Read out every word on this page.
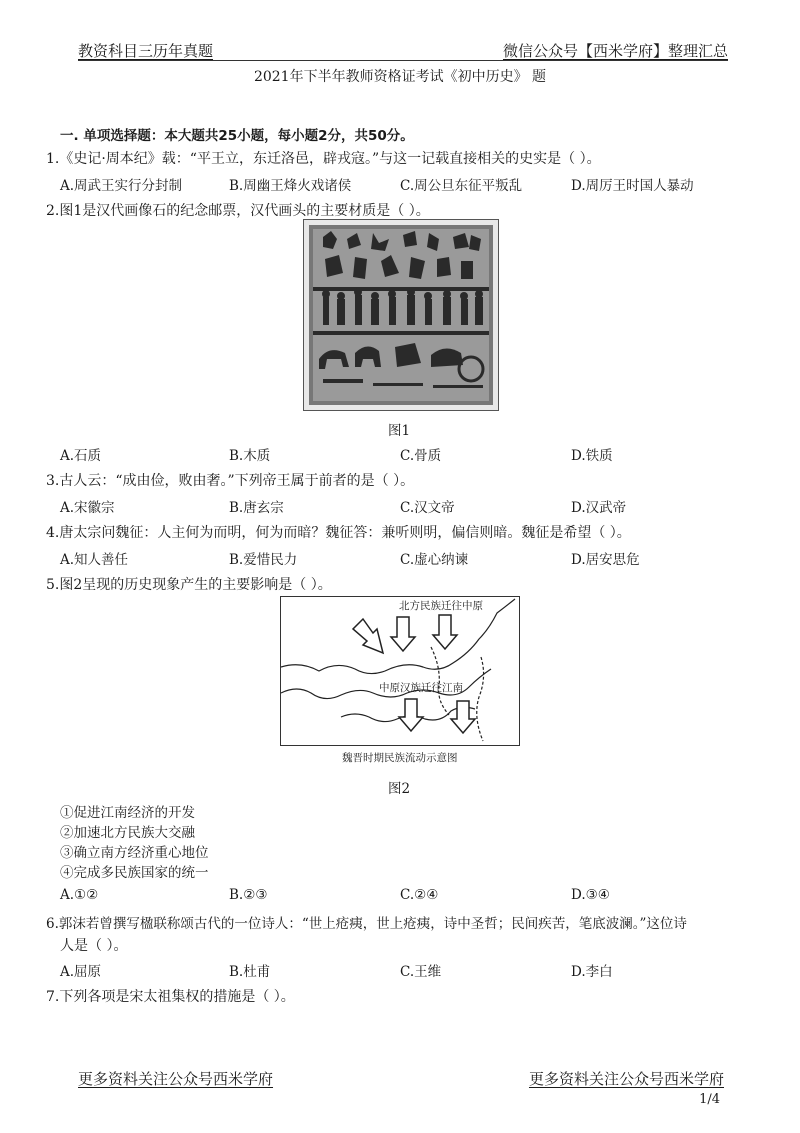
教资科目三历年真题	微信公众号【西米学府】整理汇总
2021年下半年教师资格证考试《初中历史》 题
一. 单项选择题：本大题共25小题，每小题2分，共50分。
1.《史记·周本纪》载：“平王立，东迁洛邑，辟戎寇。”与这一记载直接相关的史实是（ ）。
A.周武王实行分封制	B.周幽王烽火戏诸侯	C.周公旦东征平叛乱	D.周厉王时国人暴动
2.图1是汉代画像石的纪念邮票，汉代画头的主要材质是（ ）。
图1
A.石质	B.木质	C.骨质	D.铁质
3.古人云：“成由俭，败由奢。”下列帝王属于前者的是（ ）。
A.宋徽宗	B.唐玄宗	C.汉文帝	D.汉武帝
4.唐太宗问魏征：人主何为而明，何为而暗？魏征答：兼听则明，偏信则暗。魏征是希望（ ）。
A.知人善任	B.爱惜民力	C.虚心纳谏	D.居安思危
5.图2呈现的历史现象产生的主要影响是（ ）。
北方民族迁往中原
中原汉族迁往江南
魏晋时期民族流动示意图
图2
①促进江南经济的开发
②加速北方民族大交融
③确立南方经济重心地位
④完成多民族国家的统一
A.①②	B.②③	C.②④	D.③④
6.郭沫若曾撰写楹联称颂古代的一位诗人：“世上疮痍，世上疮痍，诗中圣哲；民间疾苦，笔底波澜。”这位诗
人是（ ）。
A.屈原	B.杜甫	C.王维	D.李白
7.下列各项是宋太祖集权的措施是（ ）。
更多资料关注公众号西米学府	更多资料关注公众号西米学府
1/4
